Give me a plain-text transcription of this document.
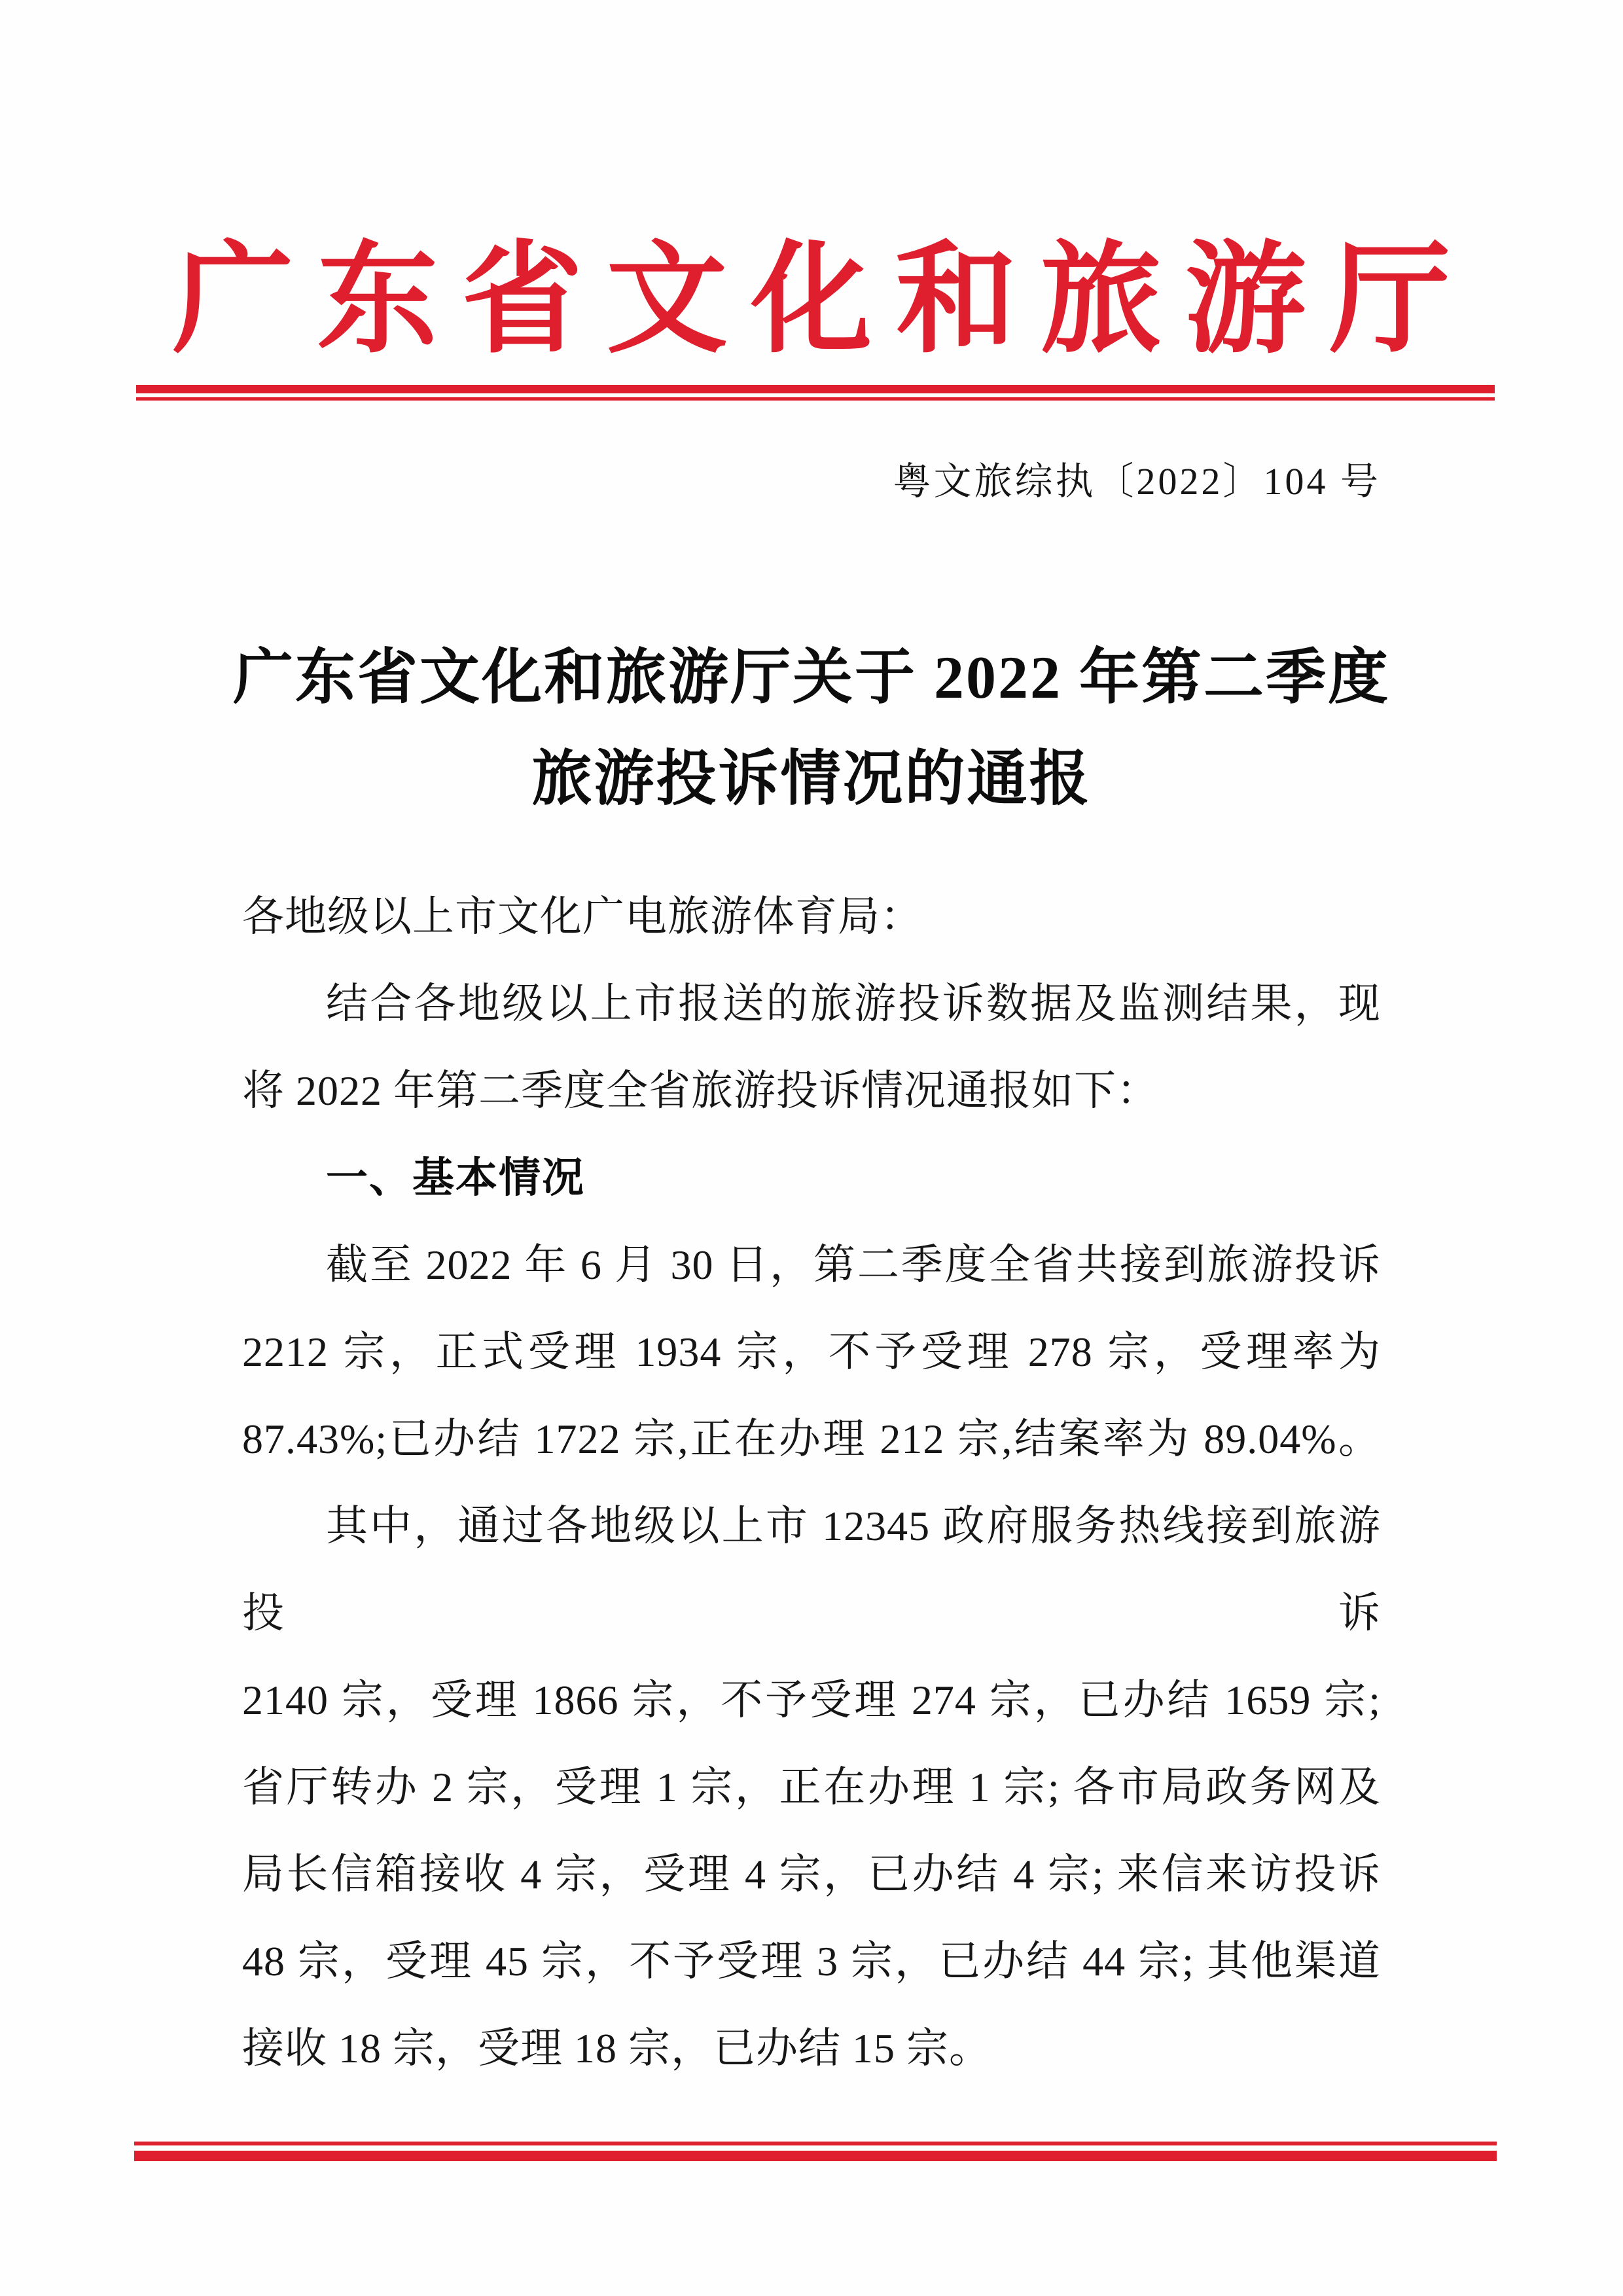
广东省文化和旅游厅
粤文旅综执〔2022〕104 号
广东省文化和旅游厅关于 2022 年第二季度
旅游投诉情况的通报
各地级以上市文化广电旅游体育局：
结合各地级以上市报送的旅游投诉数据及监测结果，现
将 2022 年第二季度全省旅游投诉情况通报如下：
一、基本情况
截至 2022 年 6 月 30 日，第二季度全省共接到旅游投诉
2212 宗，正式受理 1934 宗，不予受理 278 宗，受理率为
87.43%;已办结 1722 宗,正在办理 212 宗,结案率为 89.04%。
其中，通过各地级以上市 12345 政府服务热线接到旅游投诉
2140 宗，受理 1866 宗，不予受理 274 宗，已办结 1659 宗;
省厅转办 2 宗，受理 1 宗，正在办理 1 宗; 各市局政务网及
局长信箱接收 4 宗，受理 4 宗，已办结 4 宗; 来信来访投诉
48 宗，受理 45 宗，不予受理 3 宗，已办结 44 宗; 其他渠道
接收 18 宗，受理 18 宗，已办结 15 宗。
